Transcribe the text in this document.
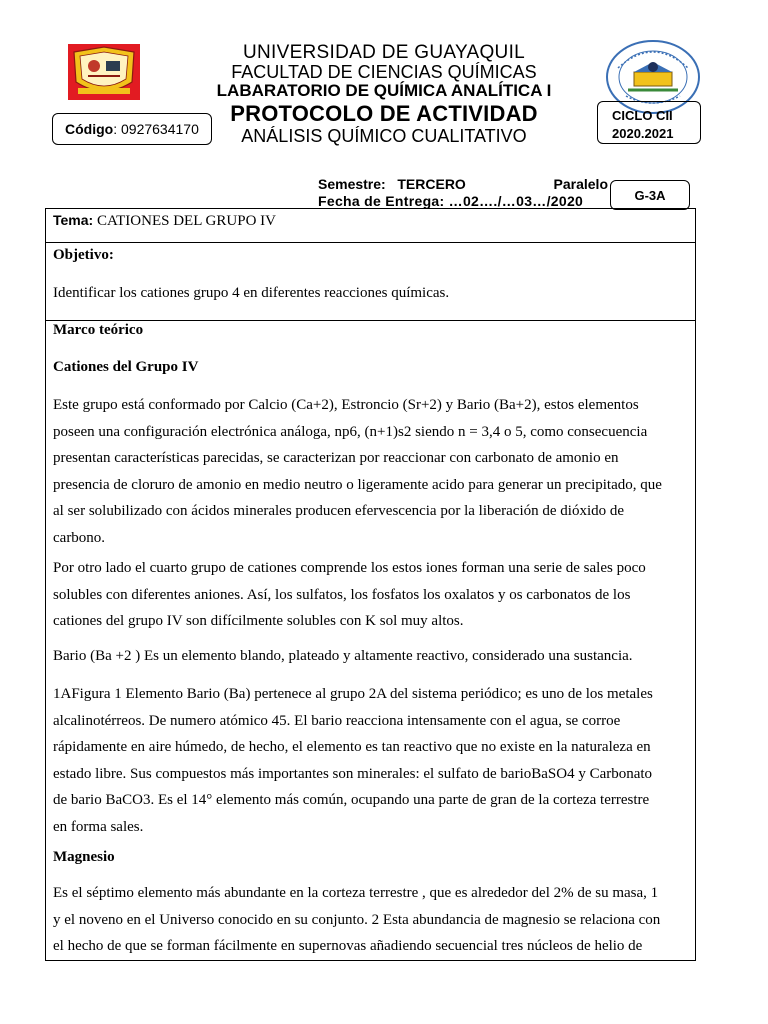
UNIVERSIDAD DE GUAYAQUIL
FACULTAD DE CIENCIAS QUÍMICAS
LABARATORIO DE QUÍMICA ANALÍTICA I
PROTOCOLO DE ACTIVIDAD
ANÁLISIS QUÍMICO CUALITATIVO
Código : 0927634170
CICLO CII
2020.2021
Semestre: TERCERO	Paralelo
Fecha de Entrega: …02…./…03…/2020	G-3A
Tema: CATIONES DEL GRUPO IV
Objetivo:
Identificar los cationes grupo 4 en diferentes reacciones químicas.
Marco teórico
Cationes del Grupo IV
Este grupo está conformado por Calcio (Ca+2), Estroncio (Sr+2) y Bario (Ba+2), estos elementos
poseen una configuración electrónica análoga, np6, (n+1)s2 siendo n = 3,4 o 5, como consecuencia
presentan características parecidas, se caracterizan por reaccionar con carbonato de amonio en
presencia de cloruro de amonio en medio neutro o ligeramente acido para generar un precipitado, que
al ser solubilizado con ácidos minerales producen efervescencia por la liberación de dióxido de
carbono.
Por otro lado el cuarto grupo de cationes comprende los estos iones forman una serie de sales poco
solubles con diferentes aniones. Así, los sulfatos, los fosfatos los oxalatos y os carbonatos de los
cationes del grupo IV son difícilmente solubles con K sol muy altos.
Bario (Ba +2 ) Es un elemento blando, plateado y altamente reactivo, considerado una sustancia.
1AFigura 1 Elemento Bario (Ba) pertenece al grupo 2A del sistema periódico; es uno de los metales
alcalinotérreos. De numero atómico 45. El bario reacciona intensamente con el agua, se corroe
rápidamente en aire húmedo, de hecho, el elemento es tan reactivo que no existe en la naturaleza en
estado libre. Sus compuestos más importantes son minerales: el sulfato de barioBaSO4 y Carbonato
de bario BaCO3. Es el 14° elemento más común, ocupando una parte de gran de la corteza terrestre
en forma sales.
Magnesio
Es el séptimo elemento más abundante en la corteza terrestre , que es alrededor del 2% de su masa, 1
y el noveno en el Universo conocido en su conjunto. 2 Esta abundancia de magnesio se relaciona con
el hecho de que se forman fácilmente en supernovas añadiendo secuencial tres núcleos de helio de
